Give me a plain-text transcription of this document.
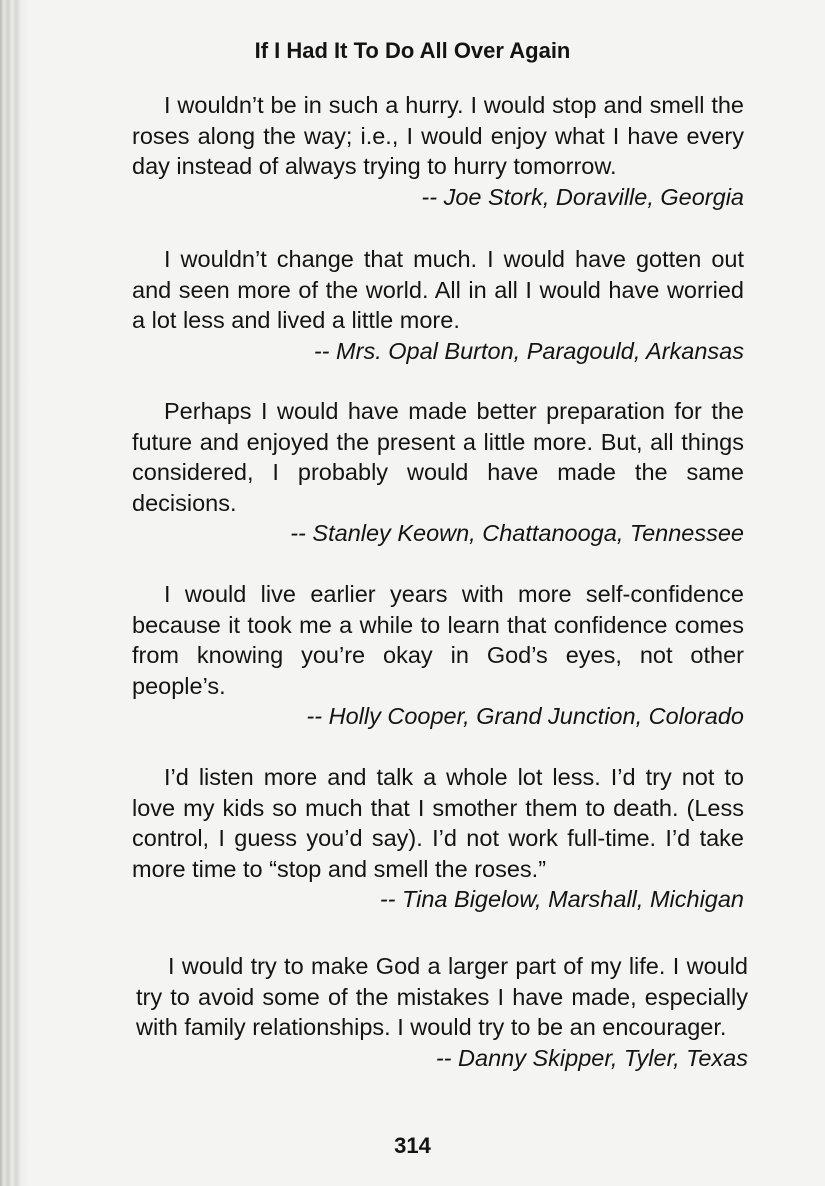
If I Had It To Do All Over Again

I wouldn’t be in such a hurry. I would stop and smell the roses along the way; i.e., I would enjoy what I have every day instead of always trying to hurry tomorrow.

-- Joe Stork, Doraville, Georgia

I wouldn’t change that much. I would have gotten out and seen more of the world. All in all I would have worried a lot less and lived a little more.

-- Mrs. Opal Burton, Paragould, Arkansas

Perhaps I would have made better preparation for the future and enjoyed the present a little more. But, all things considered, I probably would have made the same decisions.

-- Stanley Keown, Chattanooga, Tennessee

I would live earlier years with more self-confidence because it took me a while to learn that confidence comes from knowing you’re okay in God’s eyes, not other people’s.

-- Holly Cooper, Grand Junction, Colorado

I’d listen more and talk a whole lot less. I’d try not to love my kids so much that I smother them to death. (Less control, I guess you’d say). I’d not work full-time. I’d take more time to “stop and smell the roses.”

-- Tina Bigelow, Marshall, Michigan

I would try to make God a larger part of my life. I would try to avoid some of the mistakes I have made, especially with family relationships. I would try to be an encourager.

-- Danny Skipper, Tyler, Texas

314
